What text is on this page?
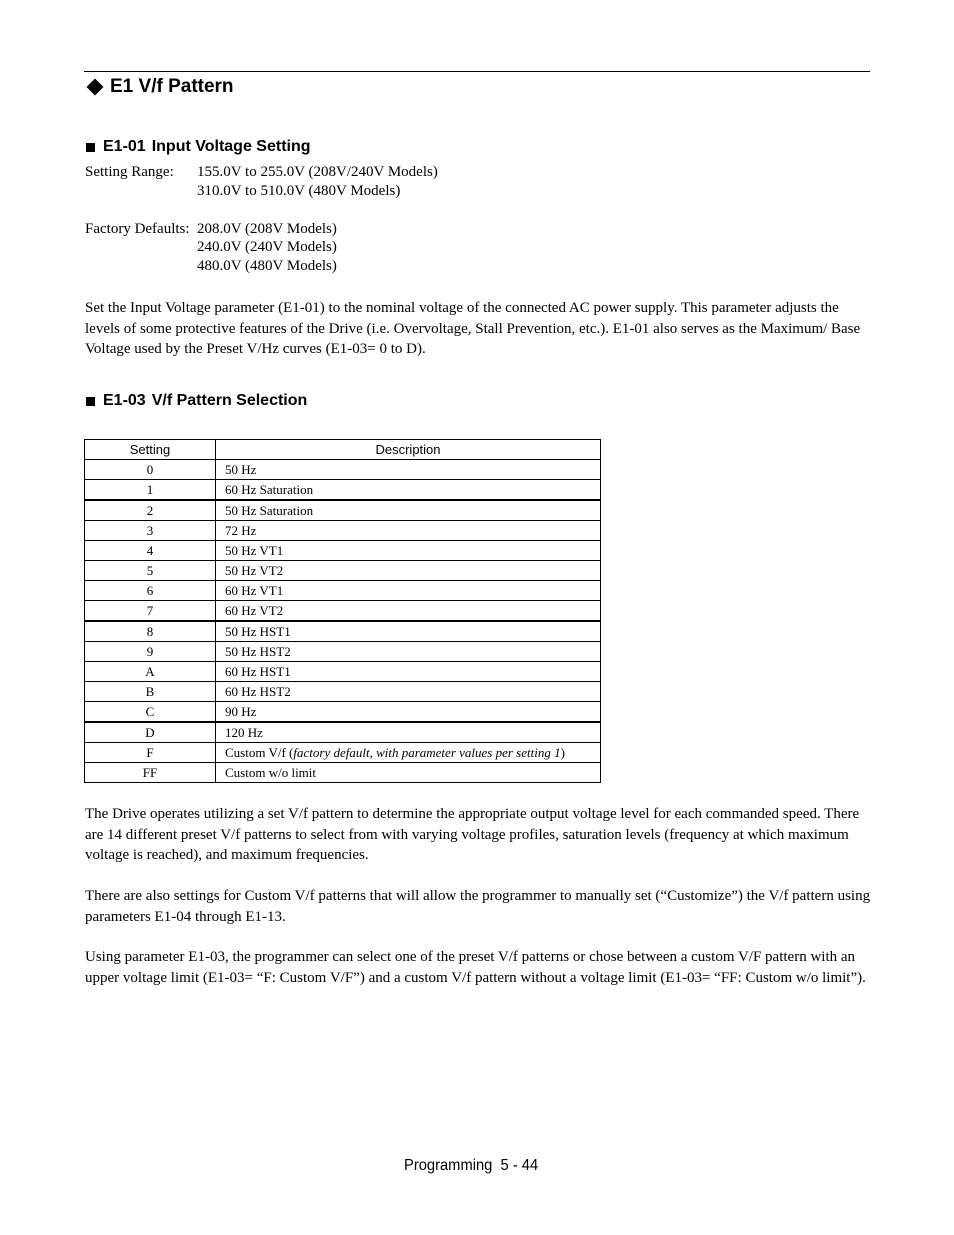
E1 V/f Pattern
E1-01 Input Voltage Setting
Setting Range: 155.0V to 255.0V (208V/240V Models)
310.0V to 510.0V (480V Models)
Factory Defaults: 208.0V (208V Models)
240.0V (240V Models)
480.0V (480V Models)

Set the Input Voltage parameter (E1-01) to the nominal voltage of the connected AC power supply. This parameter adjusts the levels of some protective features of the Drive (i.e. Overvoltage, Stall Prevention, etc.). E1-01 also serves as the Maximum/ Base Voltage used by the Preset V/Hz curves (E1-03= 0 to D).

E1-03 V/f Pattern Selection
Setting	Description
0	50 Hz
1	60 Hz Saturation
2	50 Hz Saturation
3	72 Hz
4	50 Hz VT1
5	50 Hz VT2
6	60 Hz VT1
7	60 Hz VT2
8	50 Hz HST1
9	50 Hz HST2
A	60 Hz HST1
B	60 Hz HST2
C	90 Hz
D	120 Hz
F	Custom V/f (factory default, with parameter values per setting 1)
FF	Custom w/o limit

The Drive operates utilizing a set V/f pattern to determine the appropriate output voltage level for each commanded speed. There are 14 different preset V/f patterns to select from with varying voltage profiles, saturation levels (frequency at which maximum voltage is reached), and maximum frequencies.

There are also settings for Custom V/f patterns that will allow the programmer to manually set (“Customize”) the V/f pattern using parameters E1-04 through E1-13.

Using parameter E1-03, the programmer can select one of the preset V/f patterns or chose between a custom V/F pattern with an upper voltage limit (E1-03= “F: Custom V/F”) and a custom V/f pattern without a voltage limit (E1-03= “FF: Custom w/o limit”).

Programming 5 - 44
